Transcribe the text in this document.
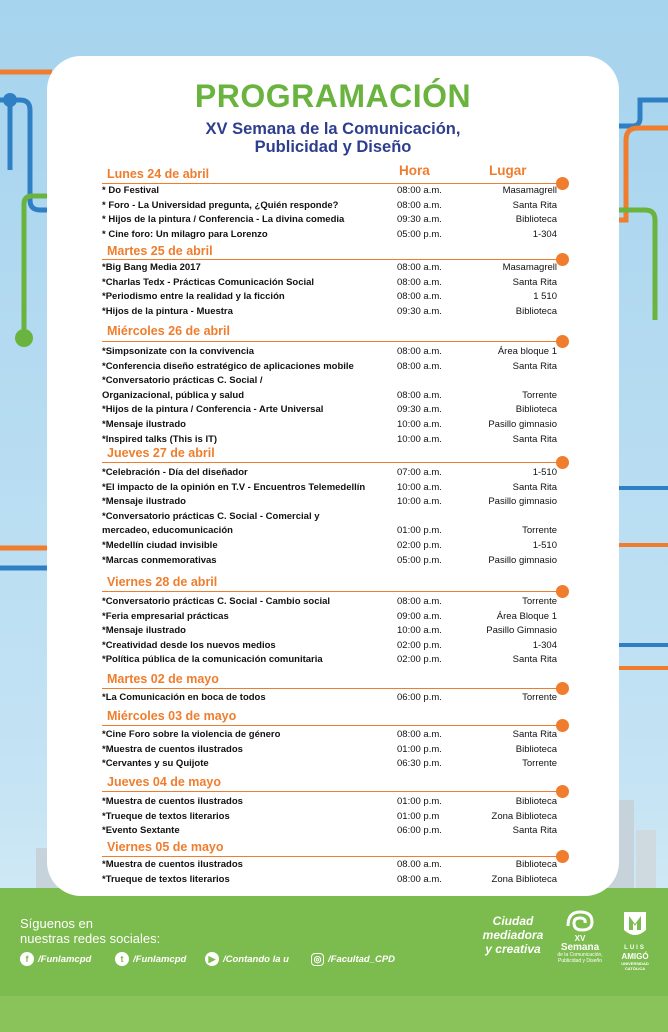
PROGRAMACIÓN
XV Semana de la Comunicación,
Publicidad y Diseño
Hora	Lugar
Lunes 24 de abril
* Do Festival	08:00 a.m.	Masamagrell
* Foro - La Universidad pregunta, ¿Quién responde?	08:00 a.m.	Santa Rita
* Hijos de la pintura / Conferencia - La divina comedia	09:30 a.m.	Biblioteca
* Cine foro: Un milagro para Lorenzo	05:00 p.m.	1-304
Martes 25 de abril
*Big Bang Media 2017	08:00 a.m.	Masamagrell
*Charlas Tedx - Prácticas Comunicación Social	08:00 a.m.	Santa Rita
*Periodismo entre la realidad y la ficción	08:00 a.m.	1 510
*Hijos de la pintura - Muestra	09:30 a.m.	Biblioteca
Miércoles 26 de abril
*Simpsonizate con la convivencia	08:00 a.m.	Área bloque 1
*Conferencia diseño estratégico de aplicaciones mobile	08:00 a.m.	Santa Rita
*Conversatorio prácticas C. Social /
Organizacional, pública y salud	08:00 a.m.	Torrente
*Hijos de la pintura / Conferencia - Arte Universal	09:30 a.m.	Biblioteca
*Mensaje ilustrado	10:00 a.m.	Pasillo gimnasio
*Inspired talks (This is IT)	10:00 a.m.	Santa Rita
Jueves 27 de abril
*Celebración - Día del diseñador	07:00 a.m.	1-510
*El impacto de la opinión en T.V - Encuentros Telemedellín	10:00 a.m.	Santa Rita
*Mensaje ilustrado	10:00 a.m.	Pasillo gimnasio
*Conversatorio prácticas C. Social - Comercial y
mercadeo, educomunicación	01:00 p.m.	Torrente
*Medellín ciudad invisible	02:00 p.m.	1-510
*Marcas conmemorativas	05:00 p.m.	Pasillo gimnasio
Viernes 28 de abril
*Conversatorio prácticas C. Social - Cambio social	08:00 a.m.	Torrente
*Feria empresarial prácticas	09:00 a.m.	Área Bloque 1
*Mensaje ilustrado	10:00 a.m.	Pasillo Gimnasio
*Creatividad desde los nuevos medios	02:00 p.m.	1-304
*Política pública de la comunicación comunitaria	02:00 p.m.	Santa Rita
Martes 02 de mayo
*La Comunicación en boca de todos	06:00 p.m.	Torrente
Miércoles 03 de mayo
*Cine Foro sobre la violencia de género	08:00 a.m.	Santa Rita
*Muestra de cuentos ilustrados	01:00 p.m.	Biblioteca
*Cervantes y su Quijote	06:30 p.m.	Torrente
Jueves 04 de mayo
*Muestra de cuentos ilustrados	01:00 p.m.	Biblioteca
*Trueque de textos literarios	01:00 p.m	Zona Biblioteca
*Evento Sextante	06:00 p.m.	Santa Rita
Viernes 05 de mayo
*Muestra de cuentos ilustrados	08.00 a.m.	Biblioteca
*Trueque de textos literarios	08:00 a.m.	Zona Biblioteca
Síguenos en
nuestras redes sociales:
f	/Funlamcpd	t	/Funlamcpd	▶ /Contando la u	◎ /Facultad_CPD
Ciudad
mediadora
y creativa
XV
Semana
de la Comunicación,
Publicidad y Diseño
LUIS
AMIGÓ
UNIVERSIDAD
CATÓLICA
